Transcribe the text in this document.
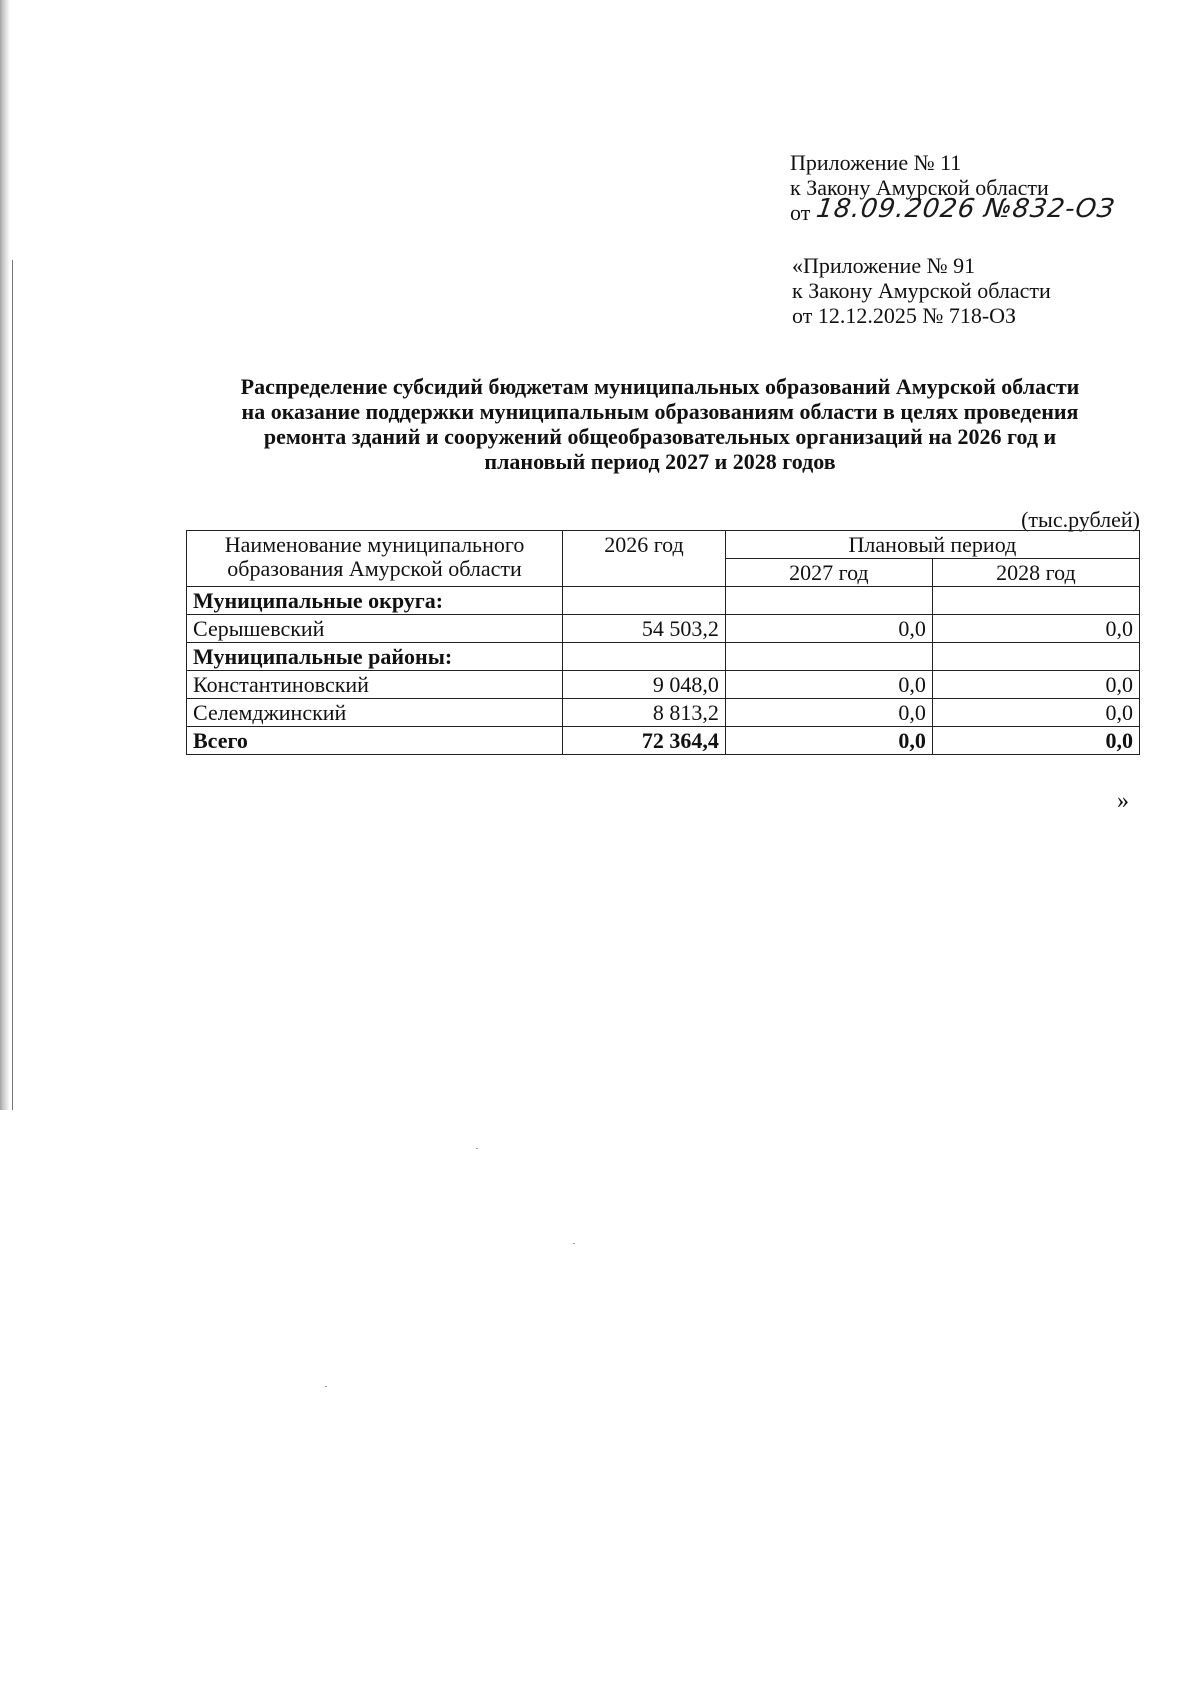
Приложение № 11
к Закону Амурской области
от 18.09.2026 №832-ОЗ
«Приложение № 91
к Закону Амурской области
от 12.12.2025 № 718-ОЗ
Распределение субсидий бюджетам муниципальных образований Амурской области
на оказание поддержки муниципальным образованиям области в целях проведения
ремонта зданий и сооружений общеобразовательных организаций на 2026 год и
плановый период 2027 и 2028 годов
(тыс.рублей)
Наименование муниципального образования Амурской области	2026 год	Плановый период	
		2027 год	2028 год
Муниципальные округа:			
Серышевский	54 503,2	0,0	0,0
Муниципальные районы:			
Константиновский	9 048,0	0,0	0,0
Селемджинский	8 813,2	0,0	0,0
Всего	72 364,4	0,0	0,0
»
